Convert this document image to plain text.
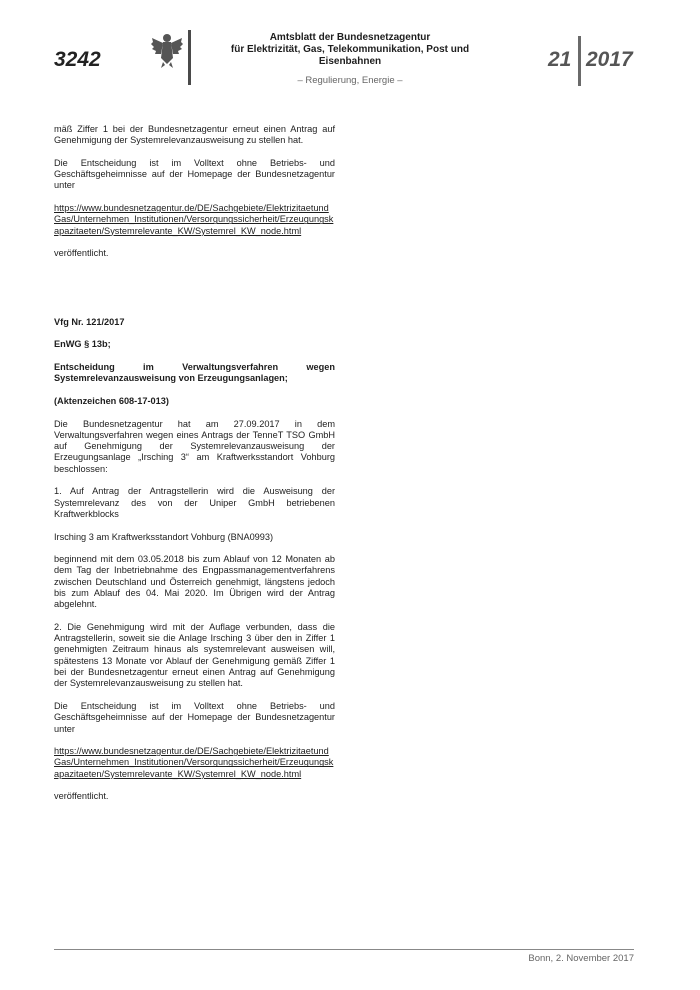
3242
Amtsblatt der Bundesnetzagentur
für Elektrizität, Gas, Telekommunikation, Post und Eisenbahnen
– Regulierung, Energie –
21 2017

mäß Ziffer 1 bei der Bundesnetzagentur erneut einen Antrag auf Genehmigung der Systemrelevanzausweisung zu stellen hat.

Die Entscheidung ist im Volltext ohne Betriebs- und Geschäftsgeheimnisse auf der Homepage der Bundesnetzagentur unter

https://www.bundesnetzagentur.de/DE/Sachgebiete/ElektrizitaetundGas/Unternehmen_Institutionen/Versorgungssicherheit/Erzeugungskapazitaeten/Systemrelevante_KW/Systemrel_KW_node.html

veröffentlicht.

Vfg Nr. 121/2017

EnWG § 13b;

Entscheidung im Verwaltungsverfahren wegen Systemrelevanzausweisung von Erzeugungsanlagen;

(Aktenzeichen 608-17-013)

Die Bundesnetzagentur hat am 27.09.2017 in dem Verwaltungsverfahren wegen eines Antrags der TenneT TSO GmbH auf Genehmigung der Systemrelevanzausweisung der Erzeugungsanlage „Irsching 3“ am Kraftwerksstandort Vohburg beschlossen:

1. Auf Antrag der Antragstellerin wird die Ausweisung der Systemrelevanz des von der Uniper GmbH betriebenen Kraftwerkblocks

Irsching 3 am Kraftwerksstandort Vohburg (BNA0993)

beginnend mit dem 03.05.2018 bis zum Ablauf von 12 Monaten ab dem Tag der Inbetriebnahme des Engpassmanagementverfahrens zwischen Deutschland und Österreich genehmigt, längstens jedoch bis zum Ablauf des 04. Mai 2020. Im Übrigen wird der Antrag abgelehnt.

2. Die Genehmigung wird mit der Auflage verbunden, dass die Antragstellerin, soweit sie die Anlage Irsching 3 über den in Ziffer 1 genehmigten Zeitraum hinaus als systemrelevant ausweisen will, spätestens 13 Monate vor Ablauf der Genehmigung gemäß Ziffer 1 bei der Bundesnetzagentur erneut einen Antrag auf Genehmigung der Systemrelevanzausweisung zu stellen hat.

Die Entscheidung ist im Volltext ohne Betriebs- und Geschäftsgeheimnisse auf der Homepage der Bundesnetzagentur unter

https://www.bundesnetzagentur.de/DE/Sachgebiete/ElektrizitaetundGas/Unternehmen_Institutionen/Versorgungssicherheit/Erzeugungskapazitaeten/Systemrelevante_KW/Systemrel_KW_node.html

veröffentlicht.

Bonn, 2. November 2017
